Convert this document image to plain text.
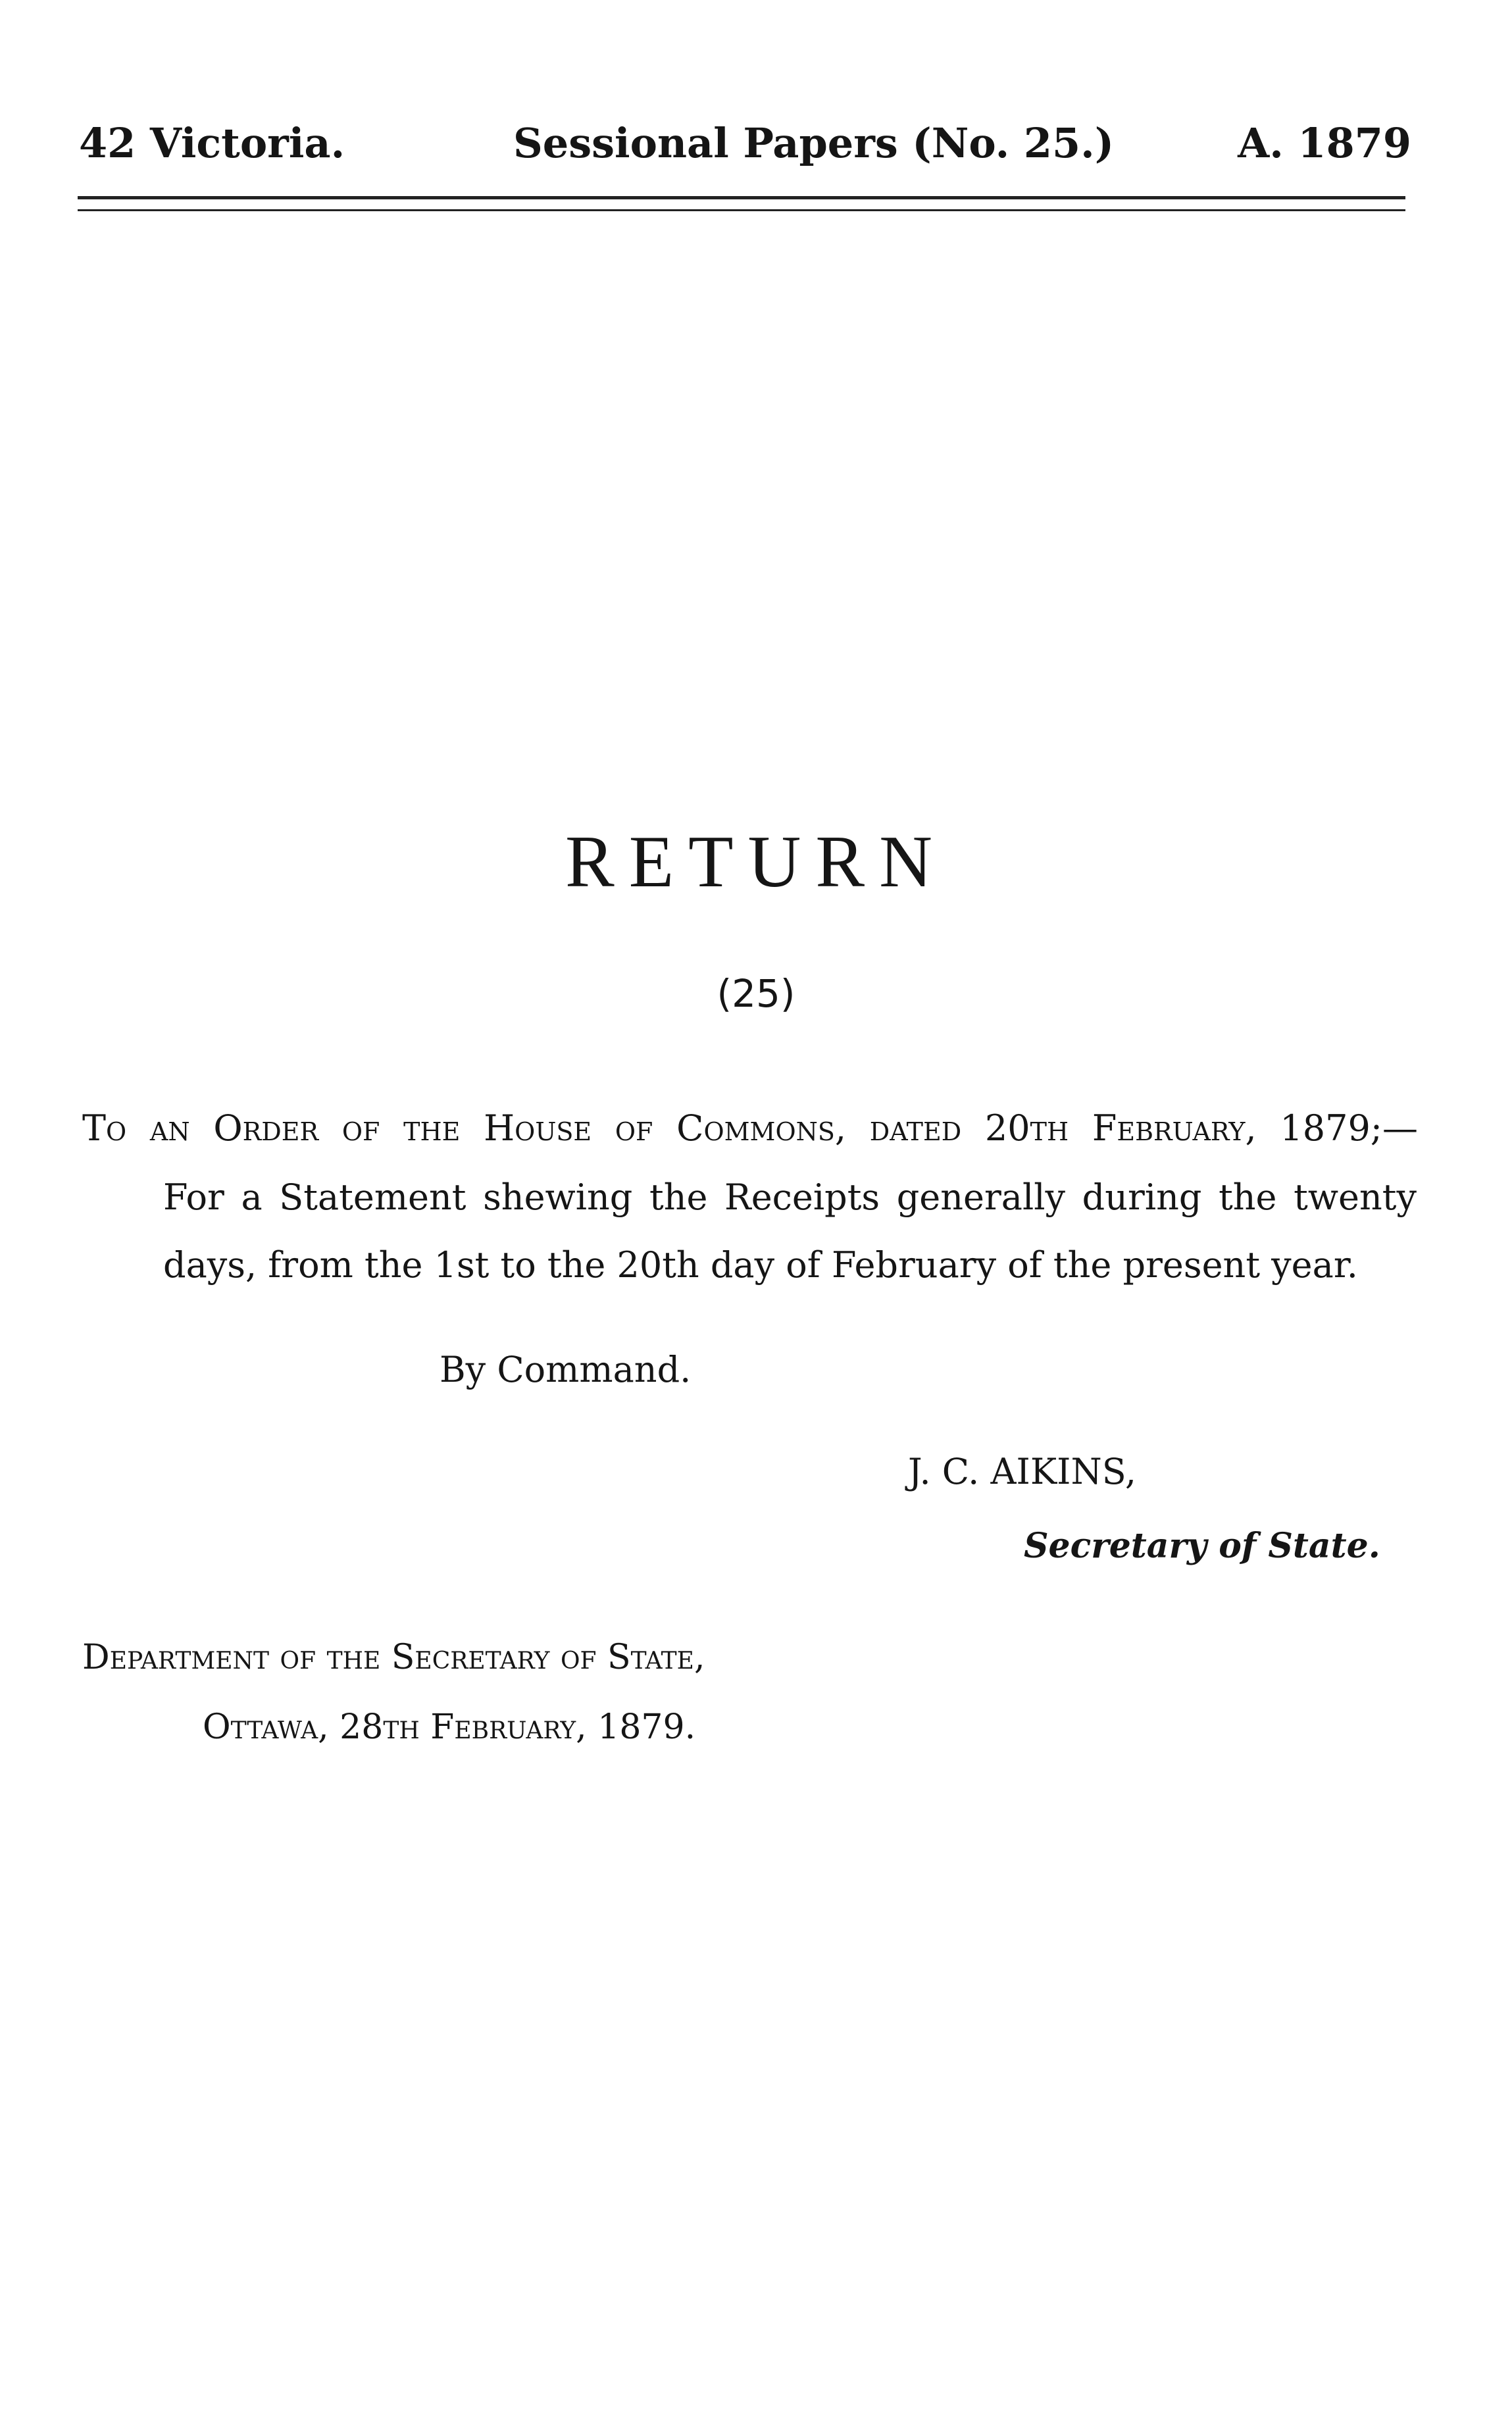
42 Victoria.	Sessional Papers (No. 25.)	A. 1879
RETURN
(25)
To an Order of the House of Commons, dated 20th February, 1879;—
For a Statement shewing the Receipts generally during the twenty
days, from the 1st to the 20th day of February of the present year.
By Command.
J. C. AIKINS,
Secretary of State.
Department of the Secretary of State,
Ottawa, 28th February, 1879.
